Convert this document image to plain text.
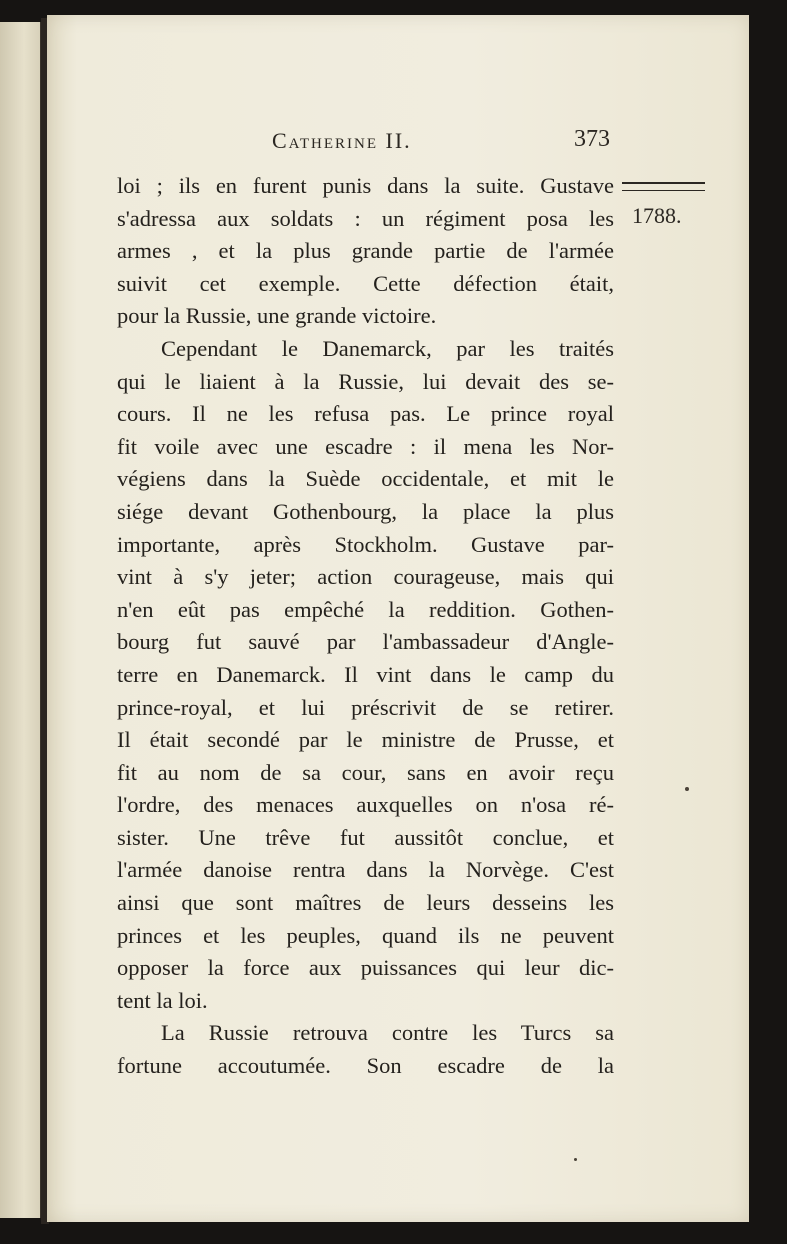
Catherine II.	373
1788.
loi ; ils en furent punis dans la suite. Gustave
s'adressa aux soldats : un régiment posa les
armes , et la plus grande partie de l'armée
suivit cet exemple. Cette défection était,
pour la Russie, une grande victoire.
Cependant le Danemarck, par les traités
qui le liaient à la Russie, lui devait des se-
cours. Il ne les refusa pas. Le prince royal
fit voile avec une escadre : il mena les Nor-
végiens dans la Suède occidentale, et mit le
siége devant Gothenbourg, la place la plus
importante, après Stockholm. Gustave par-
vint à s'y jeter; action courageuse, mais qui
n'en eût pas empêché la reddition. Gothen-
bourg fut sauvé par l'ambassadeur d'Angle-
terre en Danemarck. Il vint dans le camp du
prince-royal, et lui préscrivit de se retirer.
Il était secondé par le ministre de Prusse, et
fit au nom de sa cour, sans en avoir reçu
l'ordre, des menaces auxquelles on n'osa ré-
sister. Une trêve fut aussitôt conclue, et
l'armée danoise rentra dans la Norvège. C'est
ainsi que sont maîtres de leurs desseins les
princes et les peuples, quand ils ne peuvent
opposer la force aux puissances qui leur dic-
tent la loi.
La Russie retrouva contre les Turcs sa
fortune accoutumée. Son escadre de la
